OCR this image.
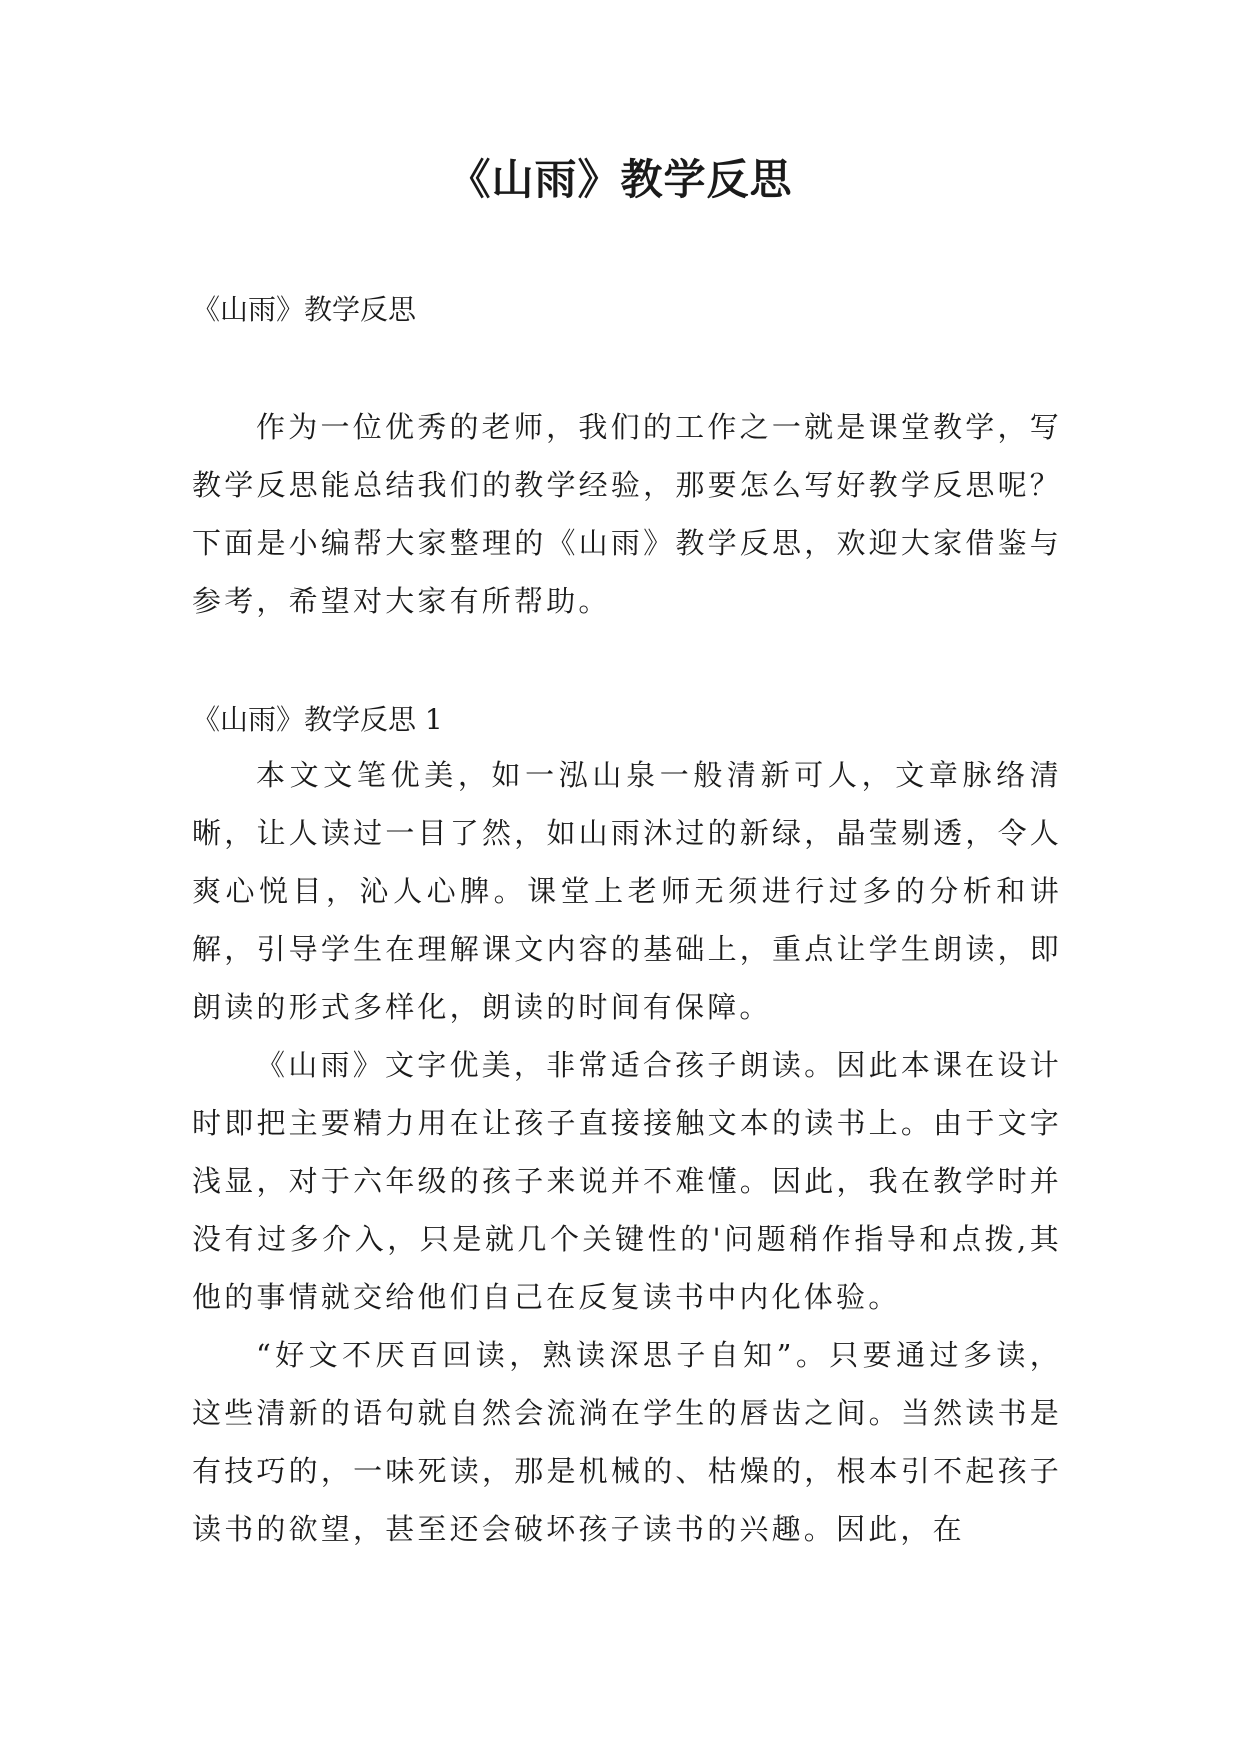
《山雨》教学反思

《山雨》教学反思

作为一位优秀的老师，我们的工作之一就是课堂教学，写教学反思能总结我们的教学经验，那要怎么写好教学反思呢？下面是小编帮大家整理的《山雨》教学反思，欢迎大家借鉴与参考，希望对大家有所帮助。

《山雨》教学反思 1

本文文笔优美，如一泓山泉一般清新可人，文章脉络清晰，让人读过一目了然，如山雨沐过的新绿，晶莹剔透，令人爽心悦目，沁人心脾。课堂上老师无须进行过多的分析和讲解，引导学生在理解课文内容的基础上，重点让学生朗读，即朗读的形式多样化，朗读的时间有保障。

《山雨》文字优美，非常适合孩子朗读。因此本课在设计时即把主要精力用在让孩子直接接触文本的读书上。由于文字浅显，对于六年级的孩子来说并不难懂。因此，我在教学时并没有过多介入，只是就几个关键性的'问题稍作指导和点拨,其他的事情就交给他们自己在反复读书中内化体验。

“好文不厌百回读，熟读深思子自知”。只要通过多读，这些清新的语句就自然会流淌在学生的唇齿之间。当然读书是有技巧的，一味死读，那是机械的、枯燥的，根本引不起孩子读书的欲望，甚至还会破坏孩子读书的兴趣。因此，在
